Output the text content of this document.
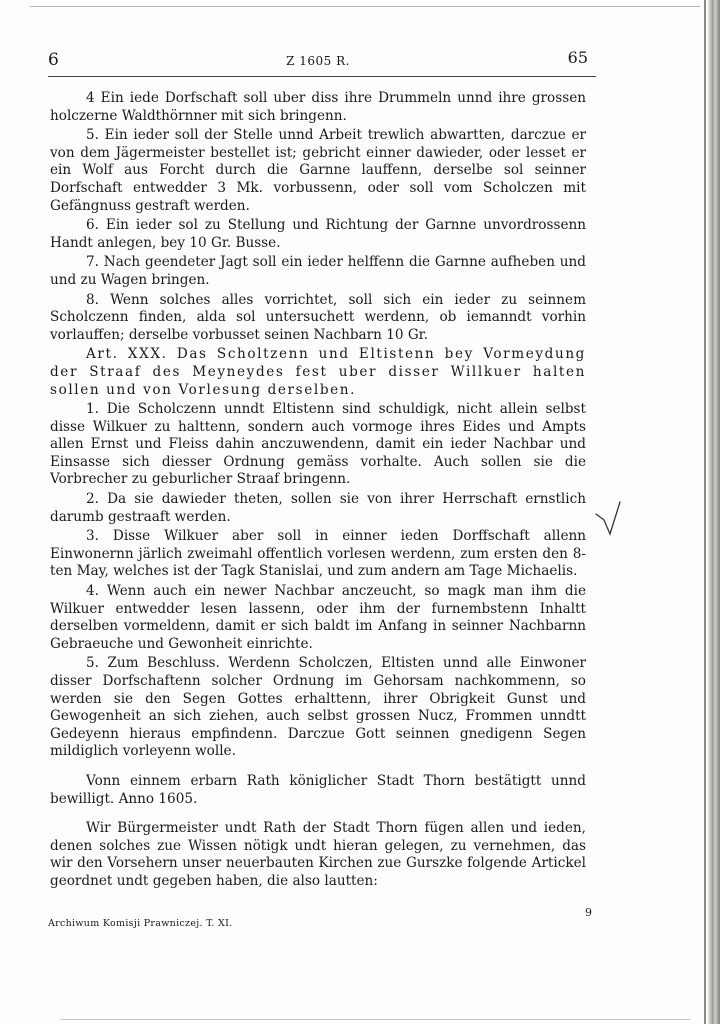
6	Z 1605 R.	65

4 Ein iede Dorfschaft soll uber diss ihre Drummeln unnd ihre grossen holczerne Waldthörnner mit sich bringenn.

5. Ein ieder soll der Stelle unnd Arbeit trewlich abwartten, darczue er von dem Jägermeister bestellet ist; gebricht einner dawieder, oder lesset er ein Wolf aus Forcht durch die Garnne lauffenn, derselbe sol seinner Dorfschaft entwedder 3 Mk. vorbussenn, oder soll vom Scholczen mit Gefängnuss gestraft werden.

6. Ein ieder sol zu Stellung und Richtung der Garnne unvordrossenn Handt anlegen, bey 10 Gr. Busse.

7. Nach geendeter Jagt soll ein ieder helffenn die Garnne aufheben und und zu Wagen bringen.

8. Wenn solches alles vorrichtet, soll sich ein ieder zu seinnem Scholczenn finden, alda sol untersuchett werdenn, ob iemanndt vorhin vorlauffen; derselbe vorbusset seinen Nachbarn 10 Gr.

Art. XXX. Das Scholtzenn und Eltistenn bey Vormeydung der Straaf des Meyneydes fest uber disser Willkuer halten sollen und von Vorlesung derselben.

1. Die Scholczenn unndt Eltistenn sind schuldigk, nicht allein selbst disse Wilkuer zu halttenn, sondern auch vormoge ihres Eides und Ampts allen Ernst und Fleiss dahin anczuwendenn, damit ein ieder Nachbar und Einsasse sich diesser Ordnung gemäss vorhalte. Auch sollen sie die Vorbrecher zu geburlicher Straaf bringenn.

2. Da sie dawieder theten, sollen sie von ihrer Herrschaft ernstlich darumb gestraaft werden.

3. Disse Wilkuer aber soll in einner ieden Dorffschaft allenn Einwonernn järlich zweimahl offentlich vorlesen werdenn, zum ersten den 8-ten May, welches ist der Tagk Stanislai, und zum andern am Tage Michaelis.

4. Wenn auch ein newer Nachbar anczeucht, so magk man ihm die Wilkuer entwedder lesen lassenn, oder ihm der furnembstenn Inhaltt derselben vormeldenn, damit er sich baldt im Anfang in seinner Nachbarnn Gebraeuche und Gewonheit einrichte.

5. Zum Beschluss. Werdenn Scholczen, Eltisten unnd alle Einwoner disser Dorfschaftenn solcher Ordnung im Gehorsam nachkommenn, so werden sie den Segen Gottes erhalttenn, ihrer Obrigkeit Gunst und Gewogenheit an sich ziehen, auch selbst grossen Nucz, Frommen unndtt Gedeyenn hieraus empfindenn. Darczue Gott seinnen gnedigenn Segen mildiglich vorleyenn wolle.

Vonn einnem erbarn Rath königlicher Stadt Thorn bestätigtt unnd bewilligt. Anno 1605.

Wir Bürgermeister undt Rath der Stadt Thorn fügen allen und ieden, denen solches zue Wissen nötigk undt hieran gelegen, zu vernehmen, das wir den Vorsehern unser neuerbauten Kirchen zue Gurszke folgende Artickel geordnet undt gegeben haben, die also lautten:

Archiwum Komisji Prawniczej. T. XI.
9
